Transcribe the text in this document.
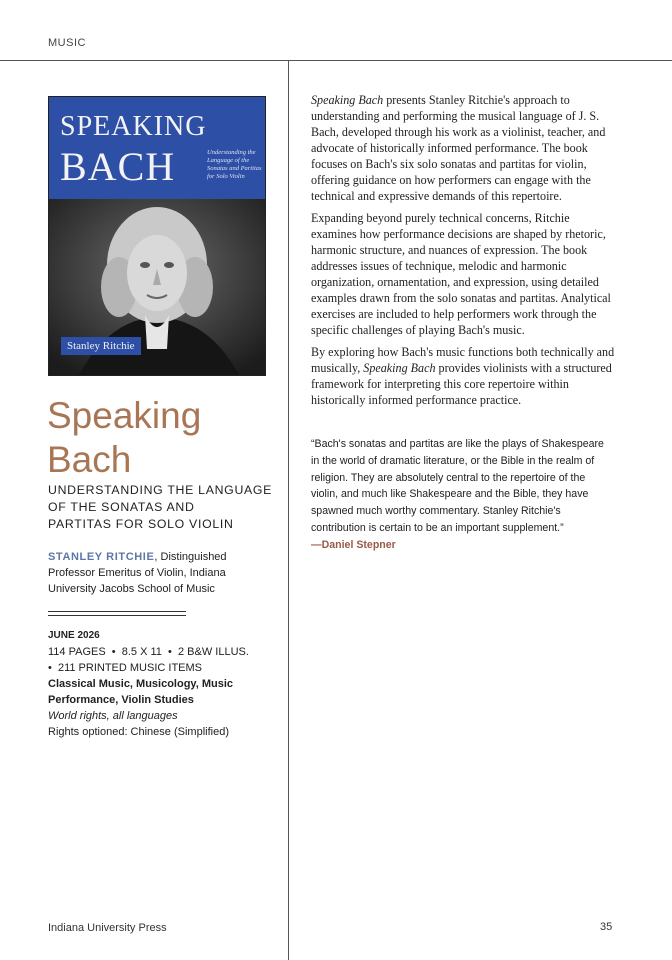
MUSIC
SPEAKING
BACH	Understanding the Language of the Sonatas and Partitas for Solo Violin
Stanley Ritchie
Speaking
Bach
UNDERSTANDING THE LANGUAGE
OF THE SONATAS AND
PARTITAS FOR SOLO VIOLIN
STANLEY RITCHIE, Distinguished
Professor Emeritus of Violin, Indiana
University Jacobs School of Music
JUNE 2026
114 PAGES  •  8.5 X 11  •  2 B&W ILLUS.
•  211 PRINTED MUSIC ITEMS
Classical Music, Musicology, Music
Performance, Violin Studies
World rights, all languages
Rights optioned: Chinese (Simplified)

Speaking Bach presents Stanley Ritchie's approach to understanding and performing the musical language of J. S. Bach, developed through his work as a violinist, teacher, and advocate of historically informed performance. The book focuses on Bach's six solo sonatas and partitas for violin, offering guidance on how performers can engage with the technical and expressive demands of this repertoire.

Expanding beyond purely technical concerns, Ritchie examines how performance decisions are shaped by rhetoric, harmonic structure, and nuances of expression. The book addresses issues of technique, melodic and harmonic organization, ornamentation, and expression, using detailed examples drawn from the solo sonatas and partitas. Analytical exercises are included to help performers work through the specific challenges of playing Bach's music.

By exploring how Bach's music functions both technically and musically, Speaking Bach provides violinists with a structured framework for interpreting this core repertoire within historically informed performance practice.

“Bach's sonatas and partitas are like the plays of Shakespeare in the world of dramatic literature, or the Bible in the realm of religion. They are absolutely central to the repertoire of the violin, and much like Shakespeare and the Bible, they have spawned much worthy commentary. Stanley Ritchie's contribution is certain to be an important supplement.”
—Daniel Stepner
Indiana University Press	35
